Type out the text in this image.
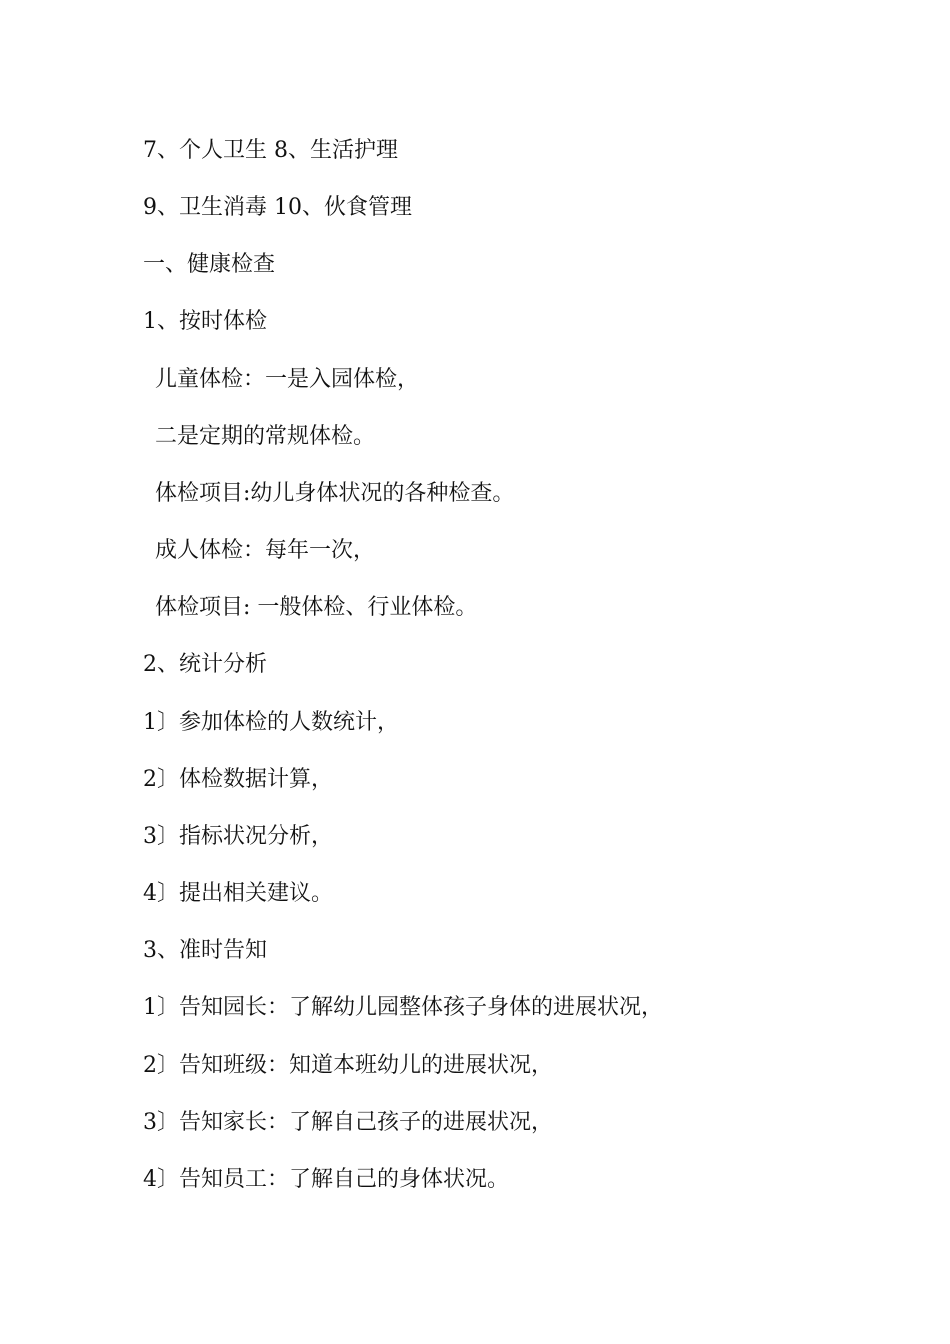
7、个人卫生 8、生活护理

9、卫生消毒 10、伙食管理

一、健康检查

1、按时体检

儿童体检：一是入园体检，

二是定期的常规体检。

体检项目:幼儿身体状况的各种检查。

成人体检：每年一次，

体检项目: 一般体检、行业体检。

2、统计分析

1〕参加体检的人数统计，

2〕体检数据计算，

3〕指标状况分析，

4〕提出相关建议。

3、准时告知

1〕告知园长：了解幼儿园整体孩子身体的进展状况，

2〕告知班级：知道本班幼儿的进展状况，

3〕告知家长：了解自己孩子的进展状况，

4〕告知员工：了解自己的身体状况。
